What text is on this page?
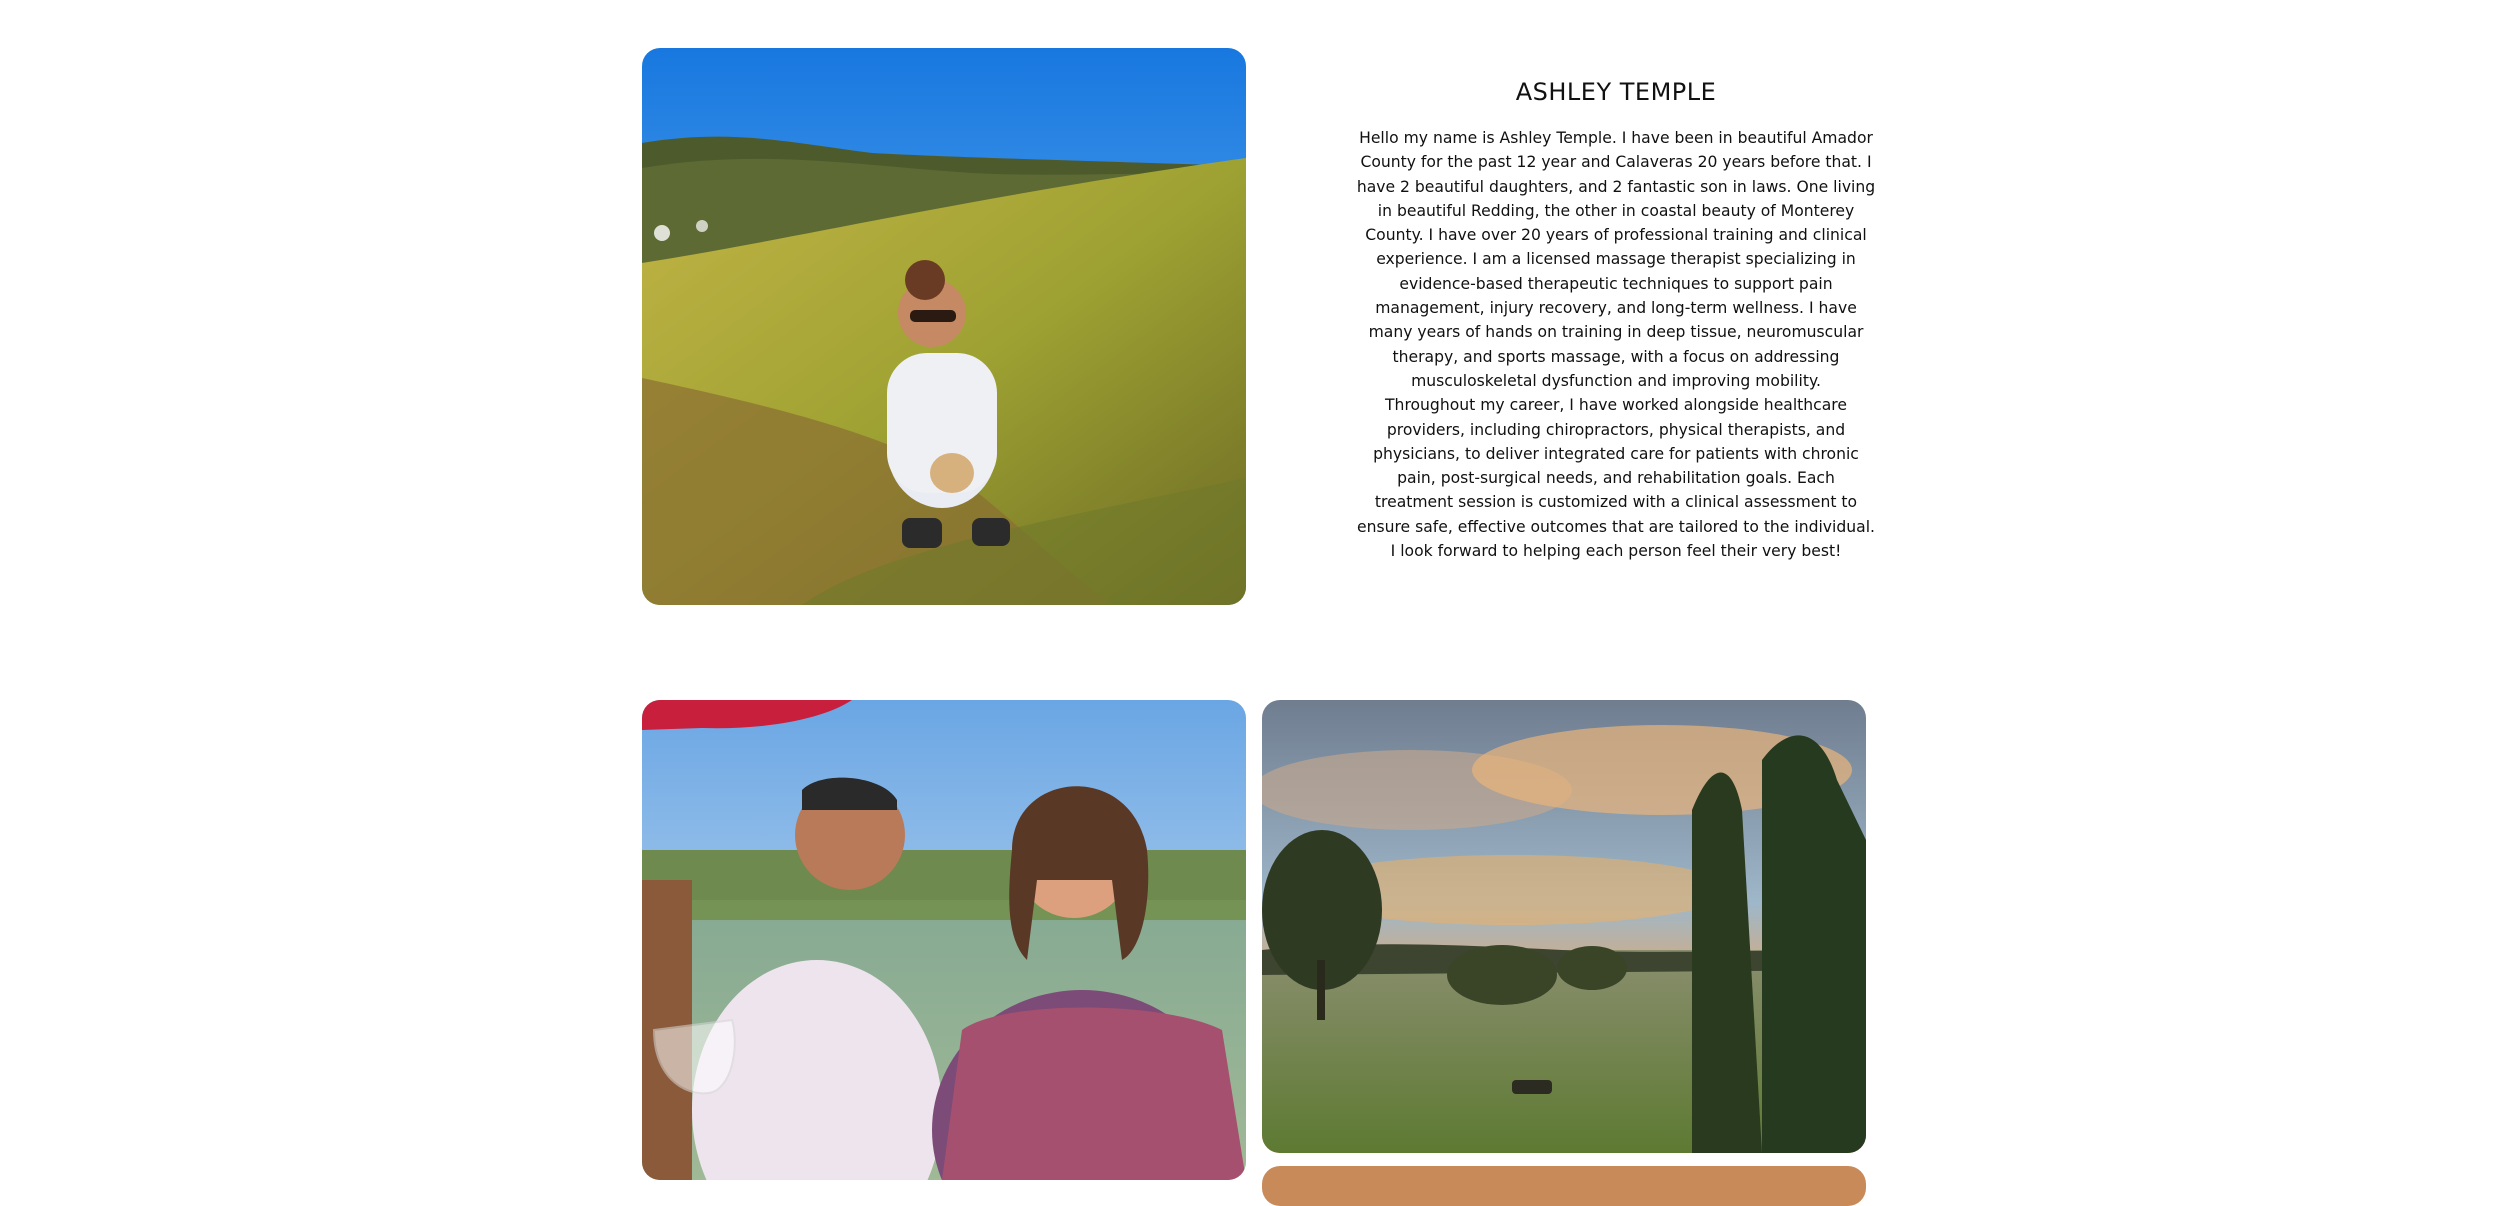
ASHLEY TEMPLE

Hello my name is Ashley Temple. I have been in beautiful Amador County for the past 12 year and Calaveras 20 years before that. I have 2 beautiful daughters, and 2 fantastic son in laws. One living in beautiful Redding, the other in coastal beauty of Monterey County. I have over 20 years of professional training and clinical experience. I am a licensed massage therapist specializing in evidence-based therapeutic techniques to support pain management, injury recovery, and long-term wellness. I have many years of hands on training in deep tissue, neuromuscular therapy, and sports massage, with a focus on addressing musculoskeletal dysfunction and improving mobility.

Throughout my career, I have worked alongside healthcare providers, including chiropractors, physical therapists, and physicians, to deliver integrated care for patients with chronic pain, post-surgical needs, and rehabilitation goals. Each treatment session is customized with a clinical assessment to ensure safe, effective outcomes that are tailored to the individual.

I look forward to helping each person feel their very best!
